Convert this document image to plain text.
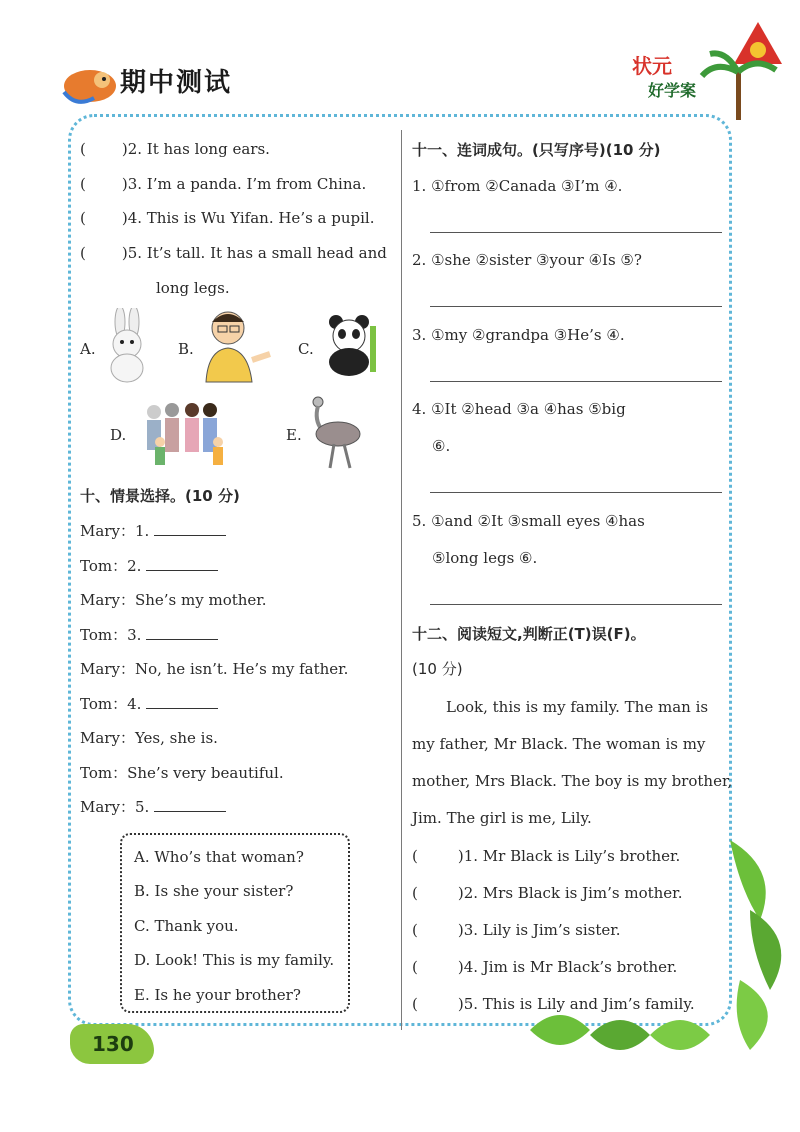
期中测试
状元
好学案
( )2. It has long ears.
( )3. I’m a panda. I’m from China.
( )4. This is Wu Yifan. He’s a pupil.
( )5. It’s tall. It has a small head and
long legs.
A.	B.	C.
D.	E.
十、情景选择。(10 分)
Mary：1.
Tom：2.
Mary：She’s my mother.
Tom：3.
Mary：No, he isn’t. He’s my father.
Tom：4.
Mary：Yes, she is.
Tom：She’s very beautiful.
Mary：5.
A. Who’s that woman?
B. Is she your sister?
C. Thank you.
D. Look! This is my family.
E. Is he your brother?
十一、连词成句。(只写序号)(10 分)
1. ①from ②Canada ③I’m ④.
2. ①she ②sister ③your ④Is ⑤?
3. ①my ②grandpa ③He’s ④.
4. ①It ②head ③a ④has ⑤big
⑥.
5. ①and ②It ③small eyes ④has
⑤long legs ⑥.
十二、阅读短文,判断正(T)误(F)。
(10 分)
Look, this is my family. The man is
my father, Mr Black. The woman is my
mother, Mrs Black. The boy is my brother,
Jim. The girl is me, Lily.
(	)1. Mr Black is Lily’s brother.
(	)2. Mrs Black is Jim’s mother.
(	)3. Lily is Jim’s sister.
(	)4. Jim is Mr Black’s brother.
(	)5. This is Lily and Jim’s family.
130
